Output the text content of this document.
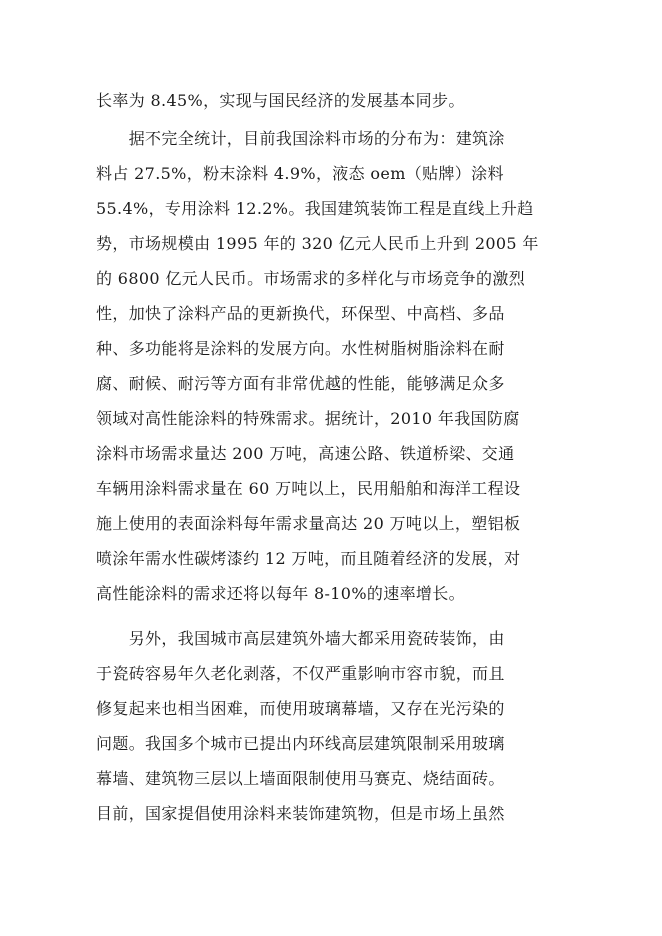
长率为 8.45%，实现与国民经济的发展基本同步。
　　据不完全统计，目前我国涂料市场的分布为：建筑涂
料占 27.5%，粉末涂料 4.9%，液态 oem（贴牌）涂料
55.4%，专用涂料 12.2%。我国建筑装饰工程是直线上升趋
势，市场规模由 1995 年的 320 亿元人民币上升到 2005 年
的 6800 亿元人民币。市场需求的多样化与市场竞争的激烈
性，加快了涂料产品的更新换代，环保型、中高档、多品
种、多功能将是涂料的发展方向。水性树脂树脂涂料在耐
腐、耐候、耐污等方面有非常优越的性能，能够满足众多
领域对高性能涂料的特殊需求。据统计，2010 年我国防腐
涂料市场需求量达 200 万吨，高速公路、铁道桥梁、交通
车辆用涂料需求量在 60 万吨以上，民用船舶和海洋工程设
施上使用的表面涂料每年需求量高达 20 万吨以上，塑铝板
喷涂年需水性碳烤漆约 12 万吨，而且随着经济的发展，对
高性能涂料的需求还将以每年 8-10%的速率增长。
　　另外，我国城市高层建筑外墙大都采用瓷砖装饰，由
于瓷砖容易年久老化剥落，不仅严重影响市容市貌，而且
修复起来也相当困难，而使用玻璃幕墙，又存在光污染的
问题。我国多个城市已提出内环线高层建筑限制采用玻璃
幕墙、建筑物三层以上墙面限制使用马赛克、烧结面砖。
目前，国家提倡使用涂料来装饰建筑物，但是市场上虽然
